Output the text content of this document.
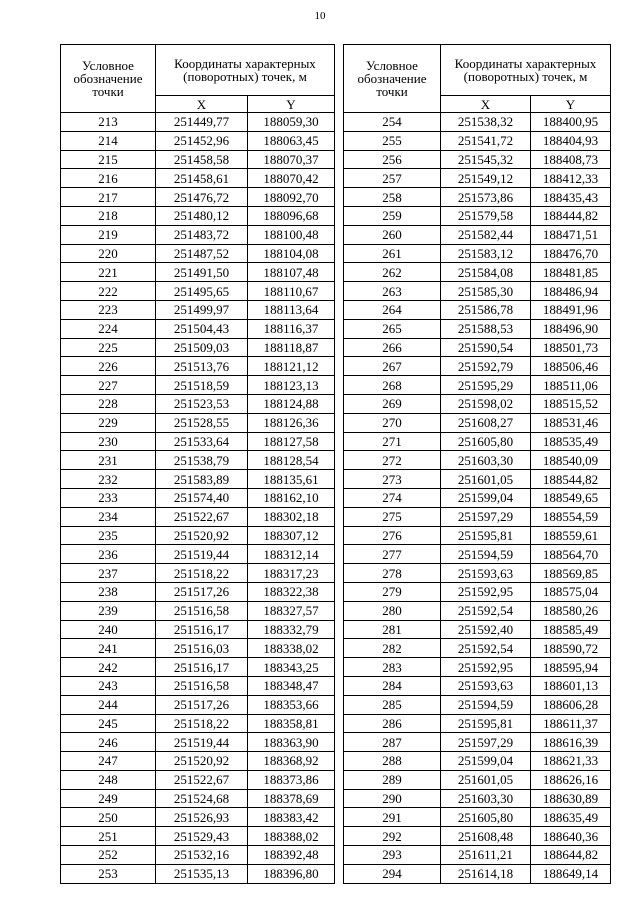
10
Условное обозначение точки	Координаты характерных (поворотных) точек, м	
	X	Y
213	251449,77	188059,30
214	251452,96	188063,45
215	251458,58	188070,37
216	251458,61	188070,42
217	251476,72	188092,70
218	251480,12	188096,68
219	251483,72	188100,48
220	251487,52	188104,08
221	251491,50	188107,48
222	251495,65	188110,67
223	251499,97	188113,64
224	251504,43	188116,37
225	251509,03	188118,87
226	251513,76	188121,12
227	251518,59	188123,13
228	251523,53	188124,88
229	251528,55	188126,36
230	251533,64	188127,58
231	251538,79	188128,54
232	251583,89	188135,61
233	251574,40	188162,10
234	251522,67	188302,18
235	251520,92	188307,12
236	251519,44	188312,14
237	251518,22	188317,23
238	251517,26	188322,38
239	251516,58	188327,57
240	251516,17	188332,79
241	251516,03	188338,02
242	251516,17	188343,25
243	251516,58	188348,47
244	251517,26	188353,66
245	251518,22	188358,81
246	251519,44	188363,90
247	251520,92	188368,92
248	251522,67	188373,86
249	251524,68	188378,69
250	251526,93	188383,42
251	251529,43	188388,02
252	251532,16	188392,48
253	251535,13	188396,80
Условное обозначение точки	Координаты характерных (поворотных) точек, м	
	X	Y
254	251538,32	188400,95
255	251541,72	188404,93
256	251545,32	188408,73
257	251549,12	188412,33
258	251573,86	188435,43
259	251579,58	188444,82
260	251582,44	188471,51
261	251583,12	188476,70
262	251584,08	188481,85
263	251585,30	188486,94
264	251586,78	188491,96
265	251588,53	188496,90
266	251590,54	188501,73
267	251592,79	188506,46
268	251595,29	188511,06
269	251598,02	188515,52
270	251608,27	188531,46
271	251605,80	188535,49
272	251603,30	188540,09
273	251601,05	188544,82
274	251599,04	188549,65
275	251597,29	188554,59
276	251595,81	188559,61
277	251594,59	188564,70
278	251593,63	188569,85
279	251592,95	188575,04
280	251592,54	188580,26
281	251592,40	188585,49
282	251592,54	188590,72
283	251592,95	188595,94
284	251593,63	188601,13
285	251594,59	188606,28
286	251595,81	188611,37
287	251597,29	188616,39
288	251599,04	188621,33
289	251601,05	188626,16
290	251603,30	188630,89
291	251605,80	188635,49
292	251608,48	188640,36
293	251611,21	188644,82
294	251614,18	188649,14
